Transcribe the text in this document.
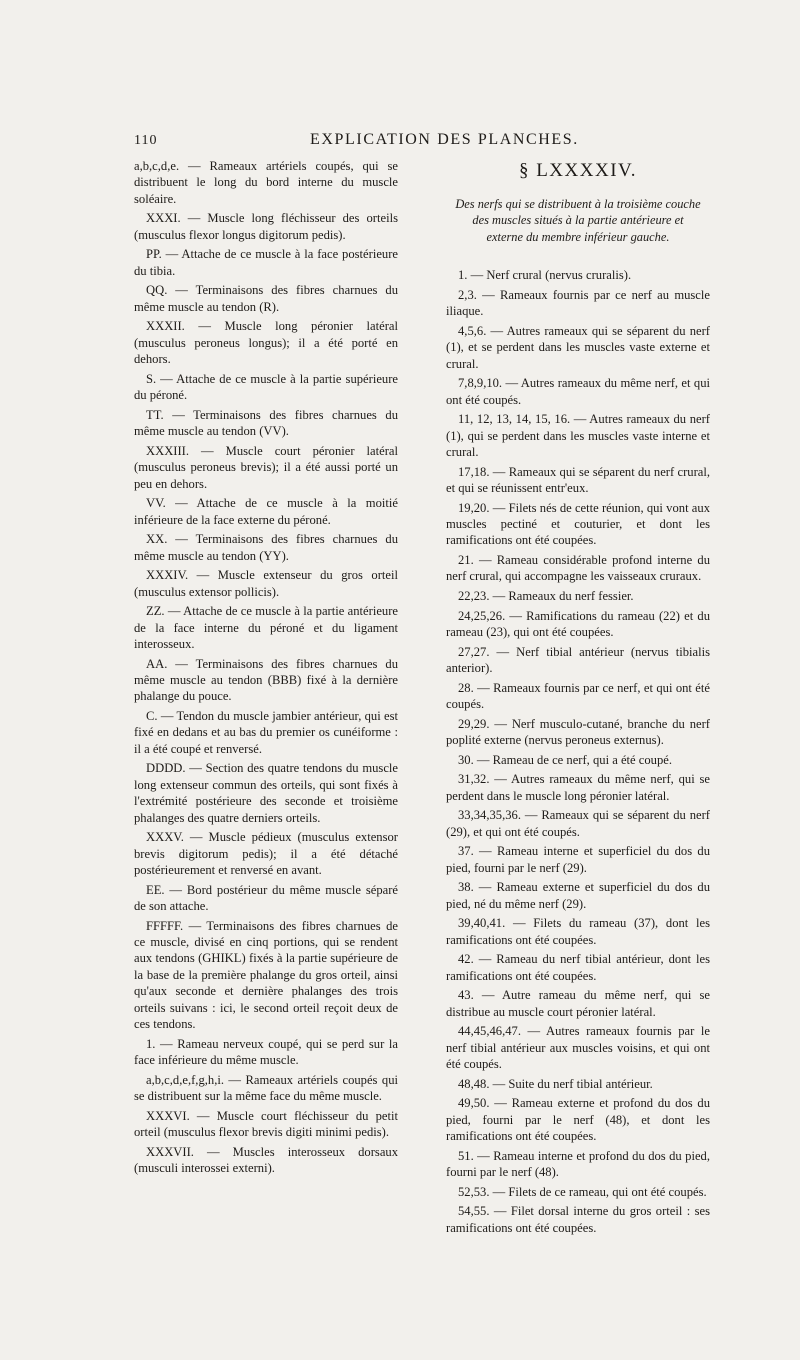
110	EXPLICATION DES PLANCHES.

a,b,c,d,e. — Rameaux artériels coupés, qui se distribuent le long du bord interne du muscle soléaire.

XXXI. — Muscle long fléchisseur des orteils (musculus flexor longus digitorum pedis).

PP. — Attache de ce muscle à la face postérieure du tibia.

QQ. — Terminaisons des fibres charnues du même muscle au tendon (R).

XXXII. — Muscle long péronier latéral (musculus peroneus longus); il a été porté en dehors.

S. — Attache de ce muscle à la partie supérieure du péroné.

TT. — Terminaisons des fibres charnues du même muscle au tendon (VV).

XXXIII. — Muscle court péronier latéral (musculus peroneus brevis); il a été aussi porté un peu en dehors.

VV. — Attache de ce muscle à la moitié inférieure de la face externe du péroné.

XX. — Terminaisons des fibres charnues du même muscle au tendon (YY).

XXXIV. — Muscle extenseur du gros orteil (musculus extensor pollicis).

ZZ. — Attache de ce muscle à la partie antérieure de la face interne du péroné et du ligament interosseux.

AA. — Terminaisons des fibres charnues du même muscle au tendon (BBB) fixé à la dernière phalange du pouce.

C. — Tendon du muscle jambier antérieur, qui est fixé en dedans et au bas du premier os cunéiforme : il a été coupé et renversé.

DDDD. — Section des quatre tendons du muscle long extenseur commun des orteils, qui sont fixés à l'extrémité postérieure des seconde et troisième phalanges des quatre derniers orteils.

XXXV. — Muscle pédieux (musculus extensor brevis digitorum pedis); il a été détaché postérieurement et renversé en avant.

EE. — Bord postérieur du même muscle séparé de son attache.

FFFFF. — Terminaisons des fibres charnues de ce muscle, divisé en cinq portions, qui se rendent aux tendons (GHIKL) fixés à la partie supérieure de la base de la première phalange du gros orteil, ainsi qu'aux seconde et dernière phalanges des trois orteils suivans : ici, le second orteil reçoit deux de ces tendons.

1. — Rameau nerveux coupé, qui se perd sur la face inférieure du même muscle.

a,b,c,d,e,f,g,h,i. — Rameaux artériels coupés qui se distribuent sur la même face du même muscle.

XXXVI. — Muscle court fléchisseur du petit orteil (musculus flexor brevis digiti minimi pedis).

XXXVII. — Muscles interosseux dorsaux (musculi interossei externi).

§ LXXXXIV.
Des nerfs qui se distribuent à la troisième couche des muscles situés à la partie antérieure et externe du membre inférieur gauche.

1. — Nerf crural (nervus cruralis).

2,3. — Rameaux fournis par ce nerf au muscle iliaque.

4,5,6. — Autres rameaux qui se séparent du nerf (1), et se perdent dans les muscles vaste externe et crural.

7,8,9,10. — Autres rameaux du même nerf, et qui ont été coupés.

11, 12, 13, 14, 15, 16. — Autres rameaux du nerf (1), qui se perdent dans les muscles vaste interne et crural.

17,18. — Rameaux qui se séparent du nerf crural, et qui se réunissent entr'eux.

19,20. — Filets nés de cette réunion, qui vont aux muscles pectiné et couturier, et dont les ramifications ont été coupées.

21. — Rameau considérable profond interne du nerf crural, qui accompagne les vaisseaux cruraux.

22,23. — Rameaux du nerf fessier.

24,25,26. — Ramifications du rameau (22) et du rameau (23), qui ont été coupées.

27,27. — Nerf tibial antérieur (nervus tibialis anterior).

28. — Rameaux fournis par ce nerf, et qui ont été coupés.

29,29. — Nerf musculo-cutané, branche du nerf poplité externe (nervus peroneus externus).

30. — Rameau de ce nerf, qui a été coupé.

31,32. — Autres rameaux du même nerf, qui se perdent dans le muscle long péronier latéral.

33,34,35,36. — Rameaux qui se séparent du nerf (29), et qui ont été coupés.

37. — Rameau interne et superficiel du dos du pied, fourni par le nerf (29).

38. — Rameau externe et superficiel du dos du pied, né du même nerf (29).

39,40,41. — Filets du rameau (37), dont les ramifications ont été coupées.

42. — Rameau du nerf tibial antérieur, dont les ramifications ont été coupées.

43. — Autre rameau du même nerf, qui se distribue au muscle court péronier latéral.

44,45,46,47. — Autres rameaux fournis par le nerf tibial antérieur aux muscles voisins, et qui ont été coupés.

48,48. — Suite du nerf tibial antérieur.

49,50. — Rameau externe et profond du dos du pied, fourni par le nerf (48), et dont les ramifications ont été coupées.

51. — Rameau interne et profond du dos du pied, fourni par le nerf (48).

52,53. — Filets de ce rameau, qui ont été coupés.

54,55. — Filet dorsal interne du gros orteil : ses ramifications ont été coupées.
